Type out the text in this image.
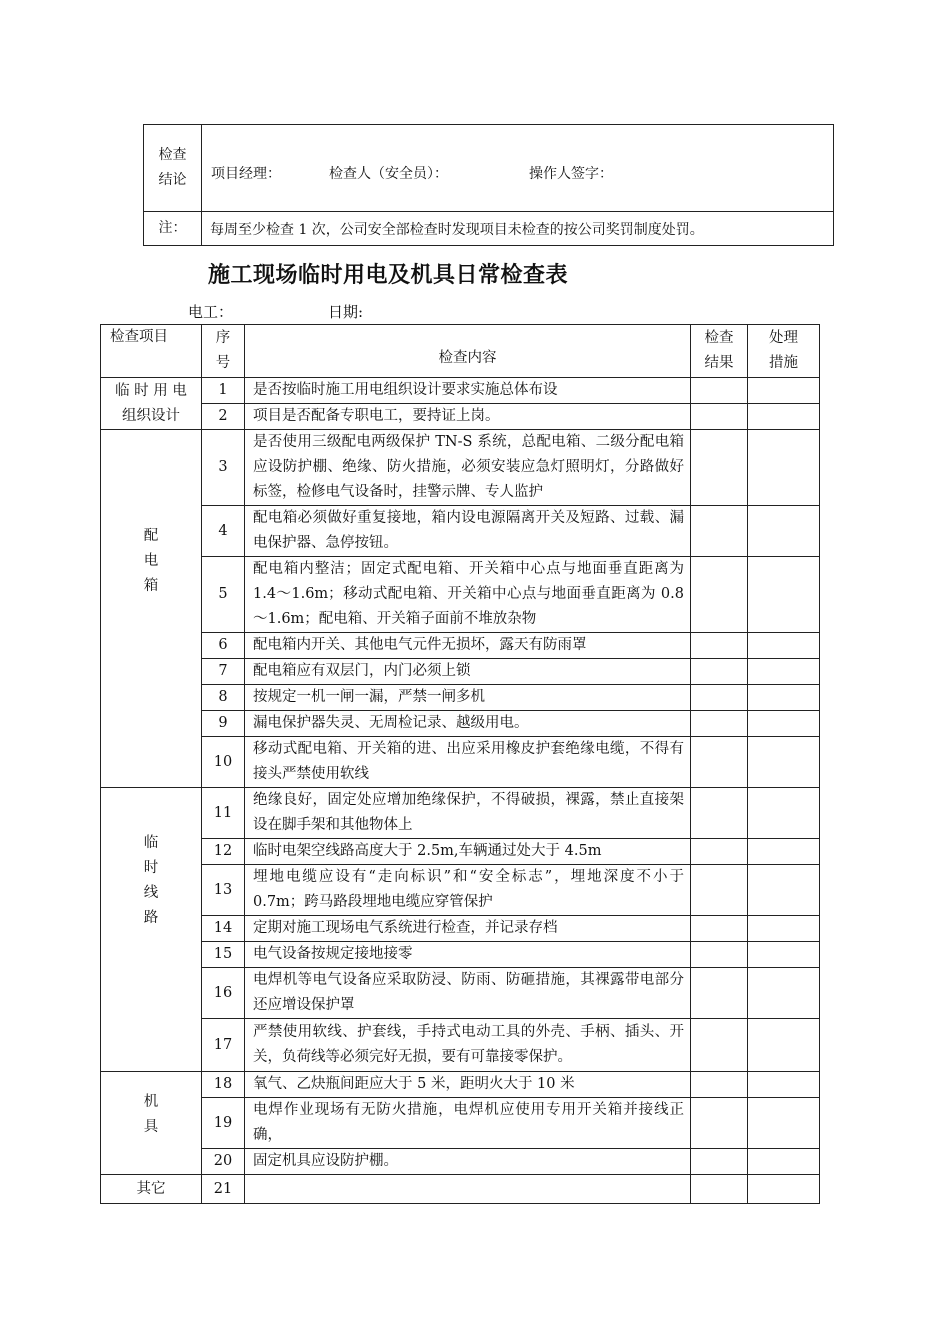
检查 结论	项目经理： 检查人（安全员）： 操作人签字：
注：	每周至少检查 1 次，公司安全部检查时发现项目未检查的按公司奖罚制度处罚。
施工现场临时用电及机具日常检查表
电工：	日期:
检查项目	序号	检查内容	检查结果	处理措施
临 时 用 电 组织设计	1	是否按临时施工用电组织设计要求实施总体布设		
	2	项目是否配备专职电工，要持证上岗。		
配电箱	3	是否使用三级配电两级保护 TN-S 系统，总配电箱、二级分配电箱应设防护棚、绝缘、防火措施，必须安装应急灯照明灯，分路做好标签，检修电气设备时，挂警示牌、专人监护		
	4	配电箱必须做好重复接地，箱内设电源隔离开关及短路、过载、漏电保护器、急停按钮。		
	5	配电箱内整洁；固定式配电箱、开关箱中心点与地面垂直距离为 1.4～1.6m；移动式配电箱、开关箱中心点与地面垂直距离为 0.8～1.6m；配电箱、开关箱子面前不堆放杂物		
	6	配电箱内开关、其他电气元件无损坏，露天有防雨罩		
	7	配电箱应有双层门，内门必须上锁		
	8	按规定一机一闸一漏，严禁一闸多机		
	9	漏电保护器失灵、无周检记录、越级用电。		
	10	移动式配电箱、开关箱的进、出应采用橡皮护套绝缘电缆，不得有接头严禁使用软线		
临时线路	11	绝缘良好，固定处应增加绝缘保护，不得破损，裸露，禁止直接架设在脚手架和其他物体上		
	12	临时电架空线路高度大于 2.5m,车辆通过处大于 4.5m		
	13	埋地电缆应设有“走向标识”和“安全标志”，埋地深度不小于 0.7m；跨马路段埋地电缆应穿管保护		
	14	定期对施工现场电气系统进行检查，并记录存档		
	15	电气设备按规定接地接零		
	16	电焊机等电气设备应采取防浸、防雨、防砸措施，其裸露带电部分还应增设保护罩		
	17	严禁使用软线、护套线，手持式电动工具的外壳、手柄、插头、开关，负荷线等必须完好无损，要有可靠接零保护。		
机具	18	氧气、乙炔瓶间距应大于 5 米，距明火大于 10 米		
	19	电焊作业现场有无防火措施，电焊机应使用专用开关箱并接线正确，		
	20	固定机具应设防护棚。		
其它	21			
